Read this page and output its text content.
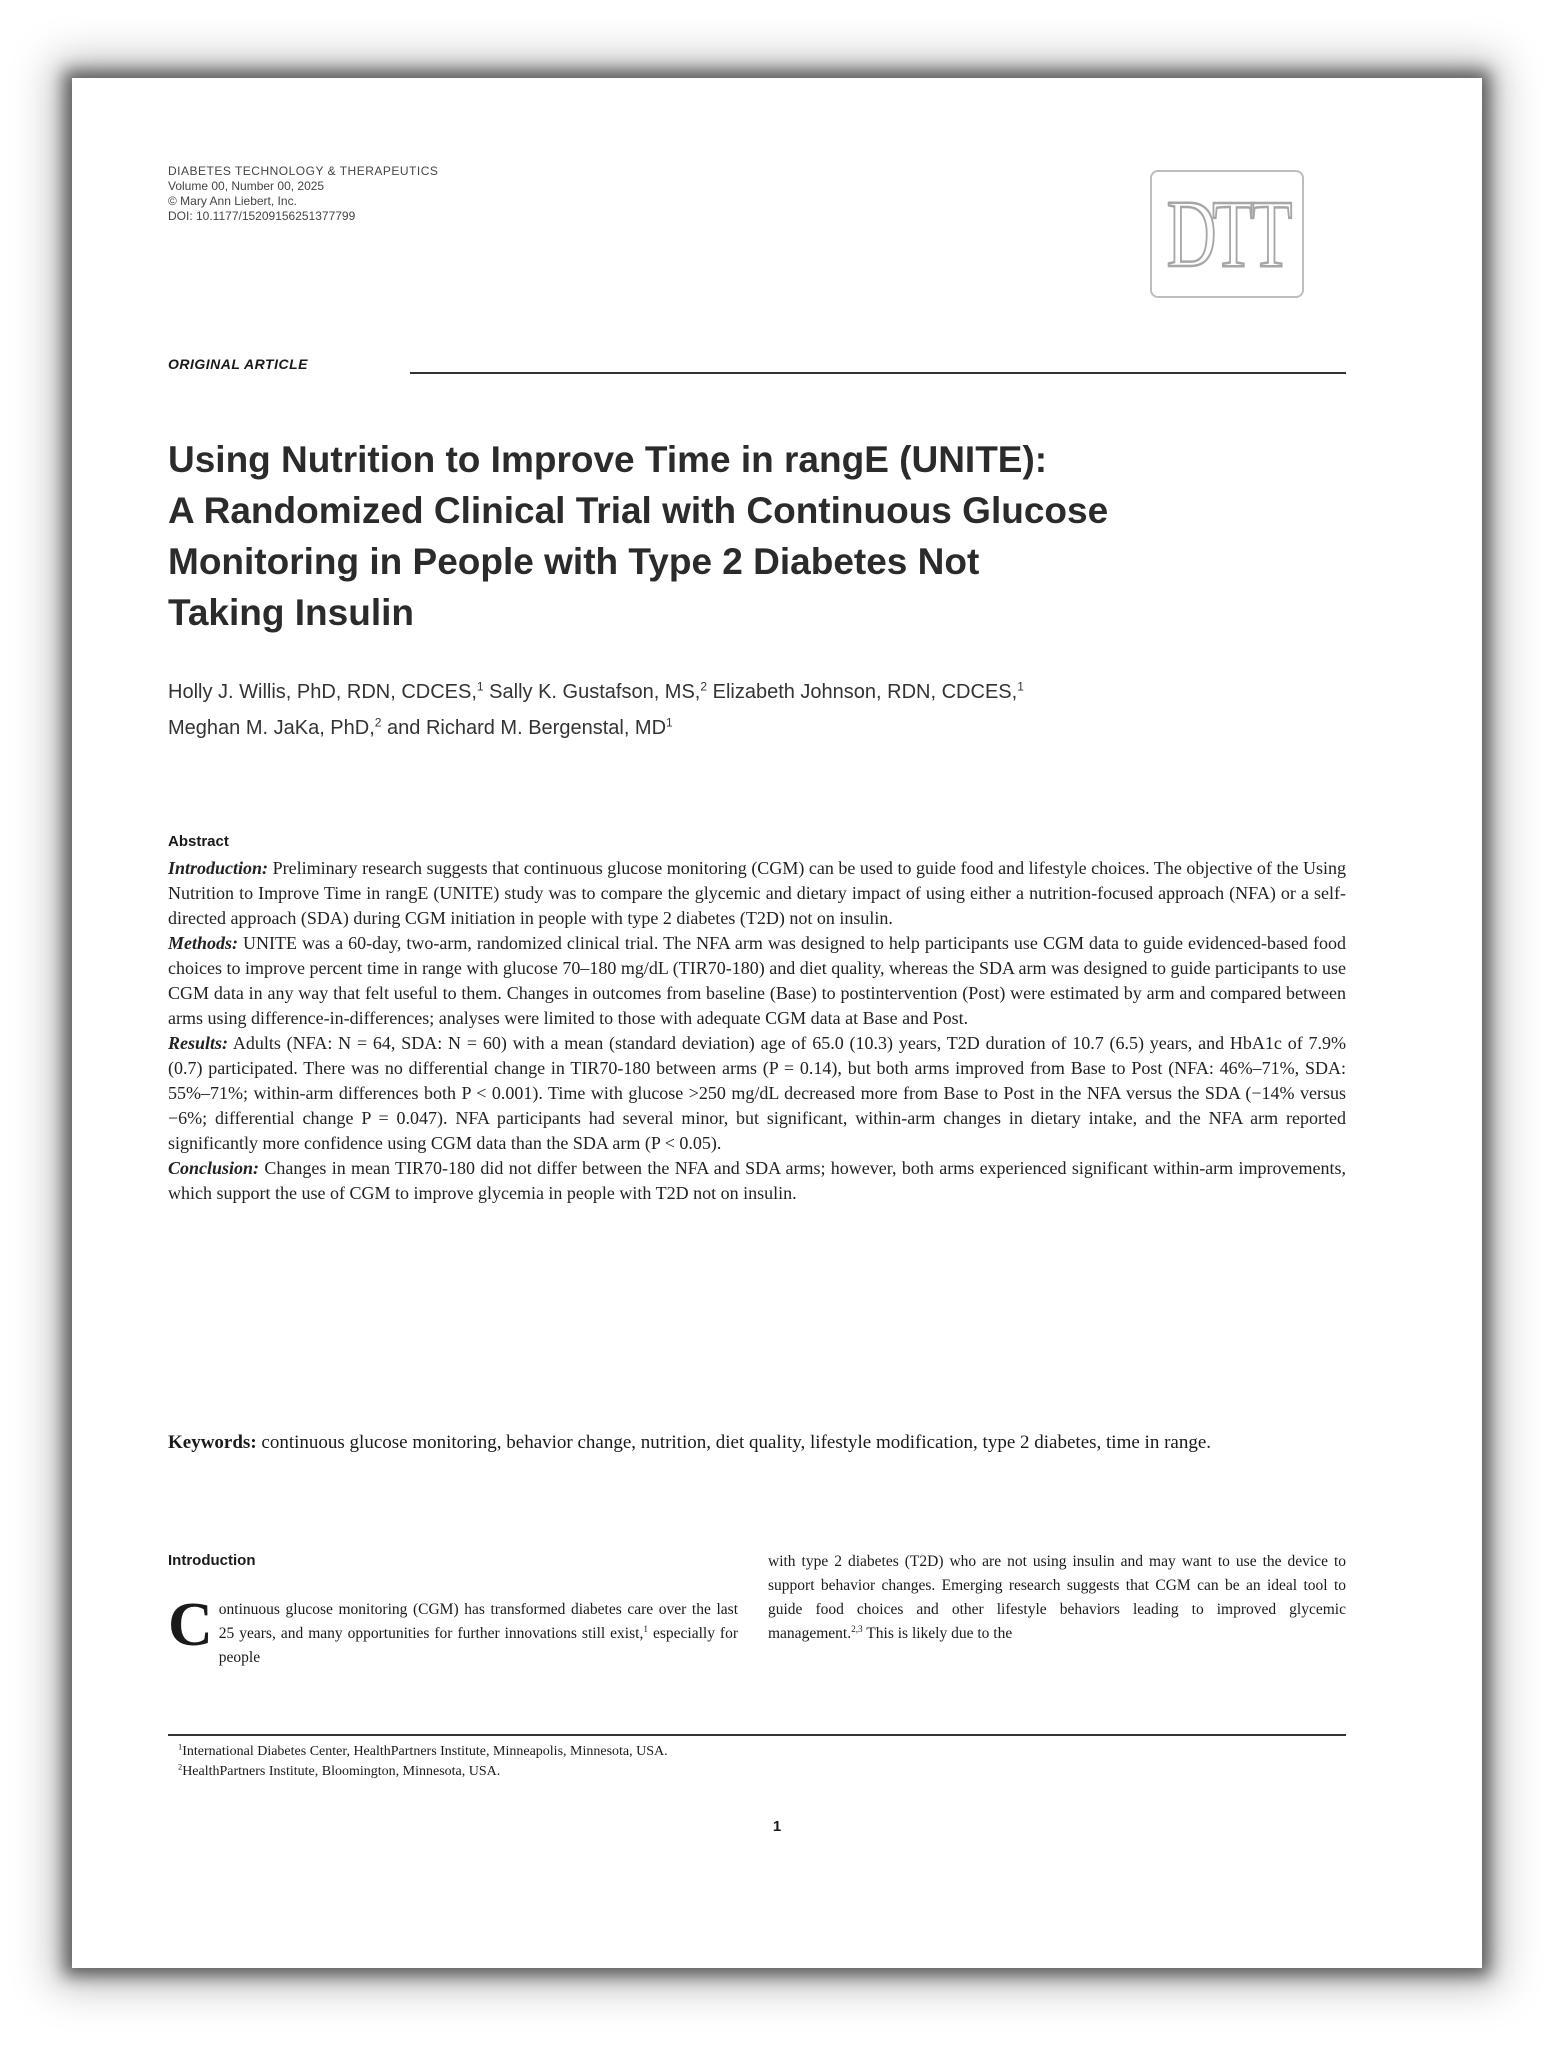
DIABETES TECHNOLOGY & THERAPEUTICS
Volume 00, Number 00, 2025
© Mary Ann Liebert, Inc.
DOI: 10.1177/15209156251377799	DTT
ORIGINAL ARTICLE
Using Nutrition to Improve Time in rangE (UNITE):
A Randomized Clinical Trial with Continuous Glucose
Monitoring in People with Type 2 Diabetes Not
Taking Insulin
Holly J. Willis, PhD, RDN, CDCES,$^1$ Sally K. Gustafson, MS,$^2$ Elizabeth Johnson, RDN, CDCES,$^1$
Meghan M. JaKa, PhD,$^2$ and Richard M. Bergenstal, $MD^1$
Abstract

Introduction: Preliminary research suggests that continuous glucose monitoring (CGM) can be used to guide food and lifestyle choices. The objective of the Using Nutrition to Improve Time in rangE (UNITE) study was to compare the glycemic and dietary impact of using either a nutrition-focused approach (NFA) or a self-directed approach (SDA) during CGM initiation in people with type 2 diabetes (T2D) not on insulin.

Methods: UNITE was a 60-day, two-arm, randomized clinical trial. The NFA arm was designed to help participants use CGM data to guide evidenced-based food choices to improve percent time in range with glucose 70–180 mg/dL (TIR70-180) and diet quality, whereas the SDA arm was designed to guide participants to use CGM data in any way that felt useful to them. Changes in outcomes from baseline (Base) to postintervention (Post) were estimated by arm and compared between arms using difference-in-differences; analyses were limited to those with adequate CGM data at Base and Post.

Results: Adults (NFA: N = 64, SDA: N = 60) with a mean (standard deviation) age of 65.0 (10.3) years, T2D duration of 10.7 (6.5) years, and HbA1c of 7.9% (0.7) participated. There was no differential change in TIR70-180 between arms (P = 0.14), but both arms improved from Base to Post (NFA: 46%–71%, SDA: 55%–71%; within-arm differences both P < 0.001). Time with glucose >250 mg/dL decreased more from Base to Post in the NFA versus the SDA (−14% versus −6%; differential change P = 0.047). NFA participants had several minor, but significant, within-arm changes in dietary intake, and the NFA arm reported significantly more confidence using CGM data than the SDA arm (P < 0.05).

Conclusion: Changes in mean TIR70-180 did not differ between the NFA and SDA arms; however, both arms experienced significant within-arm improvements, which support the use of CGM to improve glycemia in people with T2D not on insulin.

Keywords: continuous glucose monitoring, behavior change, nutrition, diet quality, lifestyle modification, type 2 diabetes, time in range.
Introduction
Continuous glucose monitoring (CGM) has transformed diabetes care over the last 25 years, and many opportunities for further innovations still exist,$^1$ especially for people
with type 2 diabetes (T2D) who are not using insulin and may want to use the device to support behavior changes. Emerging research suggests that CGM can be an ideal tool to guide food choices and other lifestyle behaviors leading to improved glycemic management.$^{2,3}$ This is likely due to the
$^1$International Diabetes Center, HealthPartners Institute, Minneapolis, Minnesota, USA.
$^2$HealthPartners Institute, Bloomington, Minnesota, USA.
1
